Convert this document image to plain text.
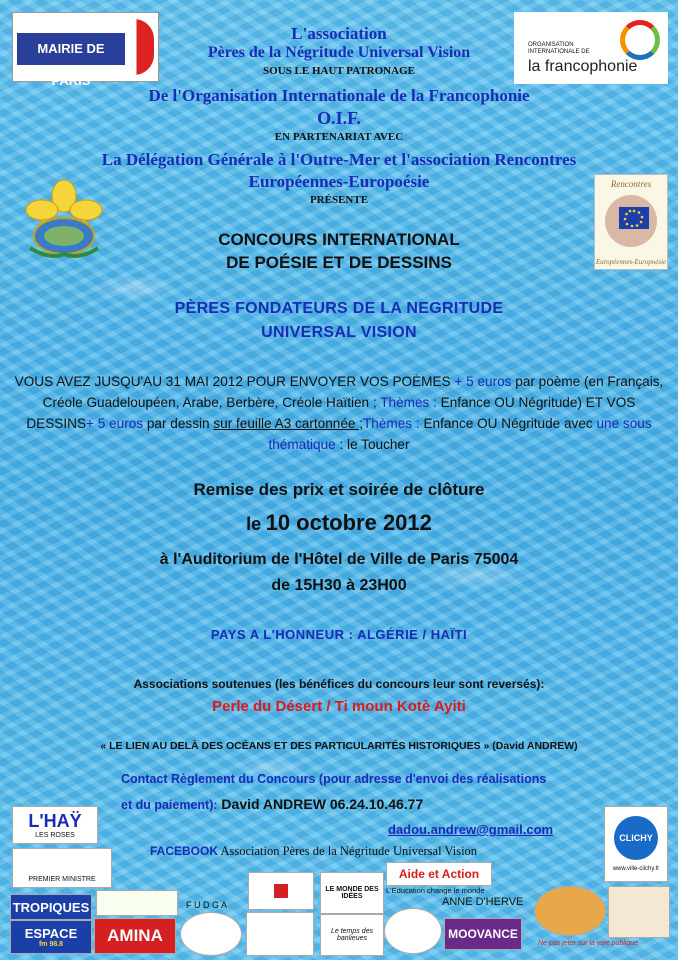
MAIRIE DE PARIS
ORGANISATION INTERNATIONALE DE
la francophonie
L'association
Pères de la Négritude Universal Vision
SOUS LE HAUT PATRONAGE
De l'Organisation Internationale de la Francophonie
O.I.F.
EN PARTENARIAT AVEC
La Délégation Générale à l'Outre-Mer et l'association Rencontres
Européennes-Europoésie
PRÉSENTE
Rencontres
Européennes-Europoésie
CONCOURS INTERNATIONAL
DE POÉSIE ET DE DESSINS
PÈRES FONDATEURS DE LA NEGRITUDE
UNIVERSAL VISION
VOUS AVEZ JUSQU'AU 31 MAI 2012 POUR ENVOYER VOS POÈMES + 5 euros par poème (en Français, Créole Guadeloupéen, Arabe, Berbère, Créole Haïtien ; Thèmes : Enfance OU Négritude) ET VOS DESSINS+ 5 euros par dessin sur feuille A3 cartonnée ;Thèmes : Enfance OU Négritude avec une sous thématique : le Toucher
Remise des prix et soirée de clôture
le 10 octobre 2012
à l'Auditorium de l'Hôtel de Ville de Paris 75004
de 15H30 à 23H00
PAYS A L'HONNEUR : ALGÉRIE / HAÏTI
Associations soutenues (les bénéfices du concours leur sont reversés):
Perle du Désert / Ti moun Kotè Ayiti
« LE LIEN AU DELÀ DES OCÉANS ET DES PARTICULARITÉS HISTORIQUES » (David ANDREW)
Contact Règlement du Concours (pour adresse d'envoi des réalisations
et du paiement): David ANDREW 06.24.10.46.77
dadou.andrew@gmail.com
FACEBOOK Association Pères de la Négritude Universal Vision
L'HAŸ
LES ROSES
PREMIER MINISTRE
TROPIQUES
ESPACE
fm 98.8	AMINA
F U D G A
LE MONDE DES IDÉES
Le temps des banlieues
Aide et Action
L'Education change le monde
ANNE D'HERVE
MOOVANCE
CLICHY
www.ville-clichy.fr
Ne pas jeter sur la voie publique
